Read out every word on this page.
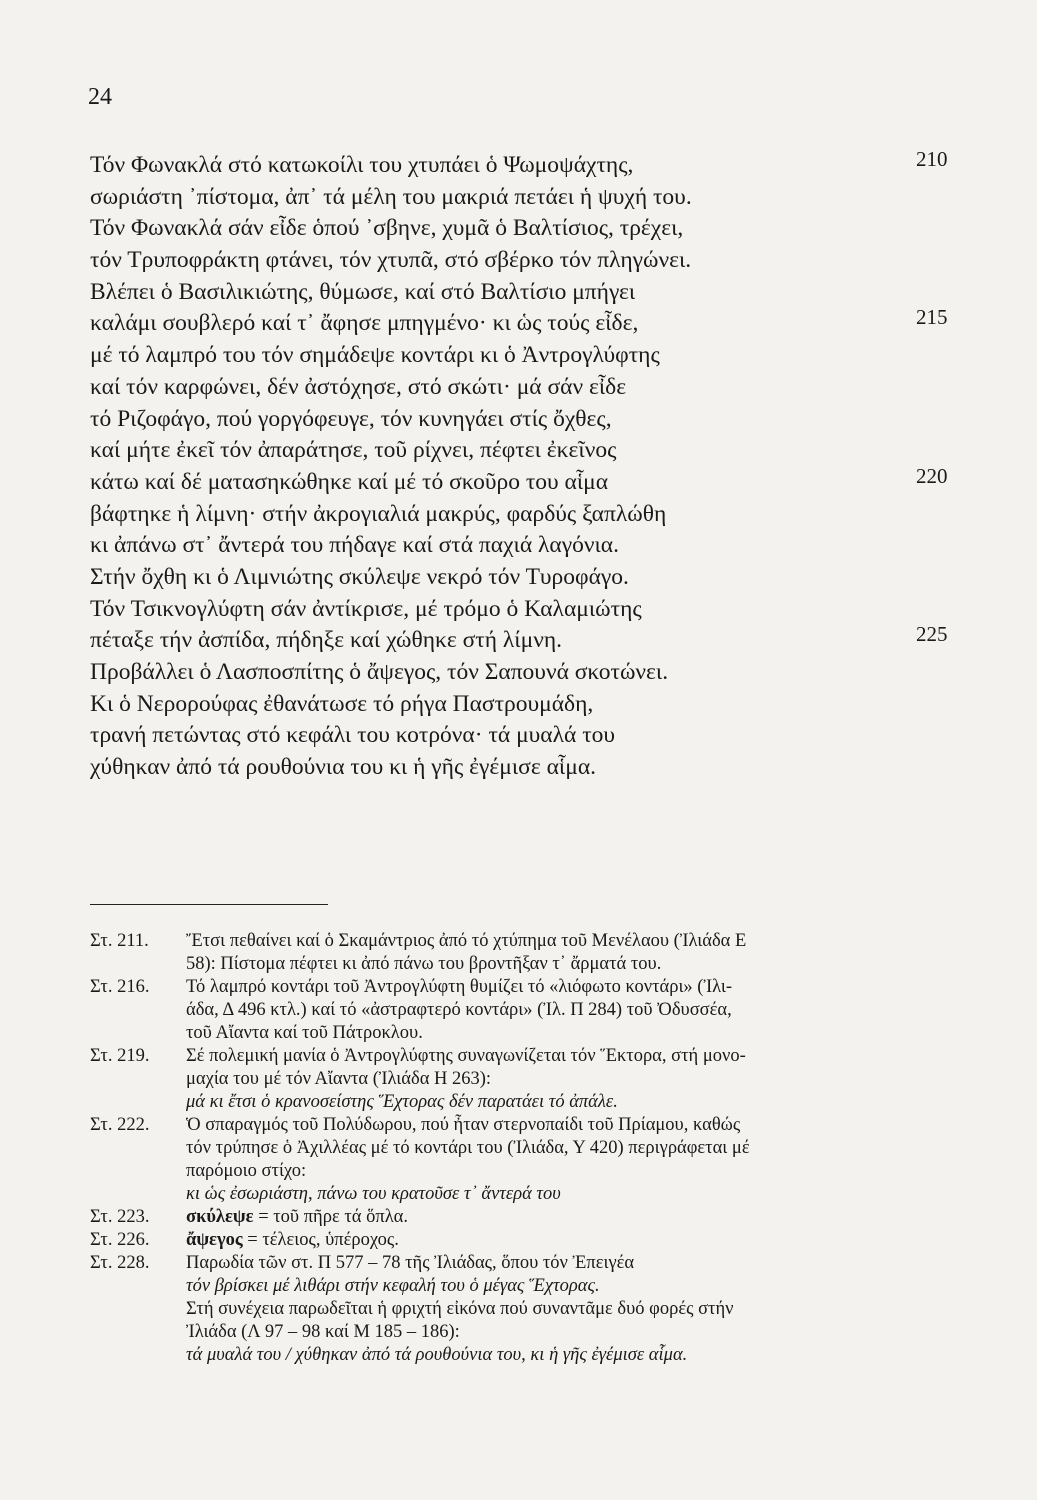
24
Τόν Φωνακλά στό κατωκοίλι του χτυπάει ὁ Ψωμοψάχτης,	210
σωριάστη ᾽πίστομα, ἀπ᾽ τά μέλη του μακριά πετάει ἡ ψυχή του.
Τόν Φωνακλά σάν εἶδε ὁπού ᾽σβηνε, χυμᾶ ὁ Βαλτίσιος, τρέχει,
τόν Τρυποφράκτη φτάνει, τόν χτυπᾶ, στό σβέρκο τόν πληγώνει.
Βλέπει ὁ Βασιλικιώτης, θύμωσε, καί στό Βαλτίσιο μπήγει
καλάμι σουβλερό καί τ᾽ ἄφησε μπηγμένο· κι ὡς τούς εἶδε,	215
μέ τό λαμπρό του τόν σημάδεψε κοντάρι κι ὁ Ἀντρογλύφτης
καί τόν καρφώνει, δέν ἀστόχησε, στό σκώτι· μά σάν εἶδε
τό Ριζοφάγο, πού γοργόφευγε, τόν κυνηγάει στίς ὄχθες,
καί μήτε ἐκεῖ τόν ἀπαράτησε, τοῦ ρίχνει, πέφτει ἐκεῖνος
κάτω καί δέ ματασηκώθηκε καί μέ τό σκοῦρο του αἷμα	220
βάφτηκε ἡ λίμνη· στήν ἀκρογιαλιά μακρύς, φαρδύς ξαπλώθη
κι ἀπάνω στ᾽ ἄντερά του πήδαγε καί στά παχιά λαγόνια.
Στήν ὄχθη κι ὁ Λιμνιώτης σκύλεψε νεκρό τόν Τυροφάγο.
Τόν Τσικνογλύφτη σάν ἀντίκρισε, μέ τρόμο ὁ Καλαμιώτης
πέταξε τήν ἀσπίδα, πήδηξε καί χώθηκε στή λίμνη.	225
Προβάλλει ὁ Λασποσπίτης ὁ ἄψεγος, τόν Σαπουνά σκοτώνει.
Κι ὁ Νερορούφας ἐθανάτωσε τό ρήγα Παστρουμάδη,
τρανή πετώντας στό κεφάλι του κοτρόνα· τά μυαλά του
χύθηκαν ἀπό τά ρουθούνια του κι ἡ γῆς ἐγέμισε αἷμα.
Στ. 211.	Ἔτσι πεθαίνει καί ὁ Σκαμάντριος ἀπό τό χτύπημα τοῦ Μενέλαου (Ἰλιάδα Ε
58): Πίστομα πέφτει κι ἀπό πάνω του βροντῆξαν τ᾽ ἄρματά του.
Στ. 216.	Τό λαμπρό κοντάρι τοῦ Ἀντρογλύφτη θυμίζει τό «λιόφωτο κοντάρι» (Ἰλι-
άδα, Δ 496 κτλ.) καί τό «ἀστραφτερό κοντάρι» (Ἰλ. Π 284) τοῦ Ὀδυσσέα,
τοῦ Αἴαντα καί τοῦ Πάτροκλου.
Στ. 219.	Σέ πολεμική μανία ὁ Ἀντρογλύφτης συναγωνίζεται τόν Ἕκτορα, στή μονο-
μαχία του μέ τόν Αἴαντα (Ἰλιάδα Η 263):
μά κι ἔτσι ὁ κρανοσείστης Ἕχτορας δέν παρατάει τό ἀπάλε.
Στ. 222.	Ὁ σπαραγμός τοῦ Πολύδωρου, πού ἦταν στερνοπαίδι τοῦ Πρίαμου, καθώς
τόν τρύπησε ὁ Ἀχιλλέας μέ τό κοντάρι του (Ἰλιάδα, Υ 420) περιγράφεται μέ
παρόμοιο στίχο:
κι ὡς ἐσωριάστη, πάνω του κρατοῦσε τ᾽ ἄντερά του
Στ. 223.	σκύλεψε = τοῦ πῆρε τά ὅπλα.
Στ. 226.	ἄψεγος = τέλειος, ὑπέροχος.
Στ. 228.	Παρωδία τῶν στ. Π 577 – 78 τῆς Ἰλιάδας, ὅπου τόν Ἐπειγέα
τόν βρίσκει μέ λιθάρι στήν κεφαλή του ὁ μέγας Ἕχτορας.
Στή συνέχεια παρωδεῖται ἡ φριχτή εἰκόνα πού συναντᾶμε δυό φορές στήν
Ἰλιάδα (Λ 97 – 98 καί Μ 185 – 186):
τά μυαλά του / χύθηκαν ἀπό τά ρουθούνια του, κι ἡ γῆς ἐγέμισε αἷμα.
